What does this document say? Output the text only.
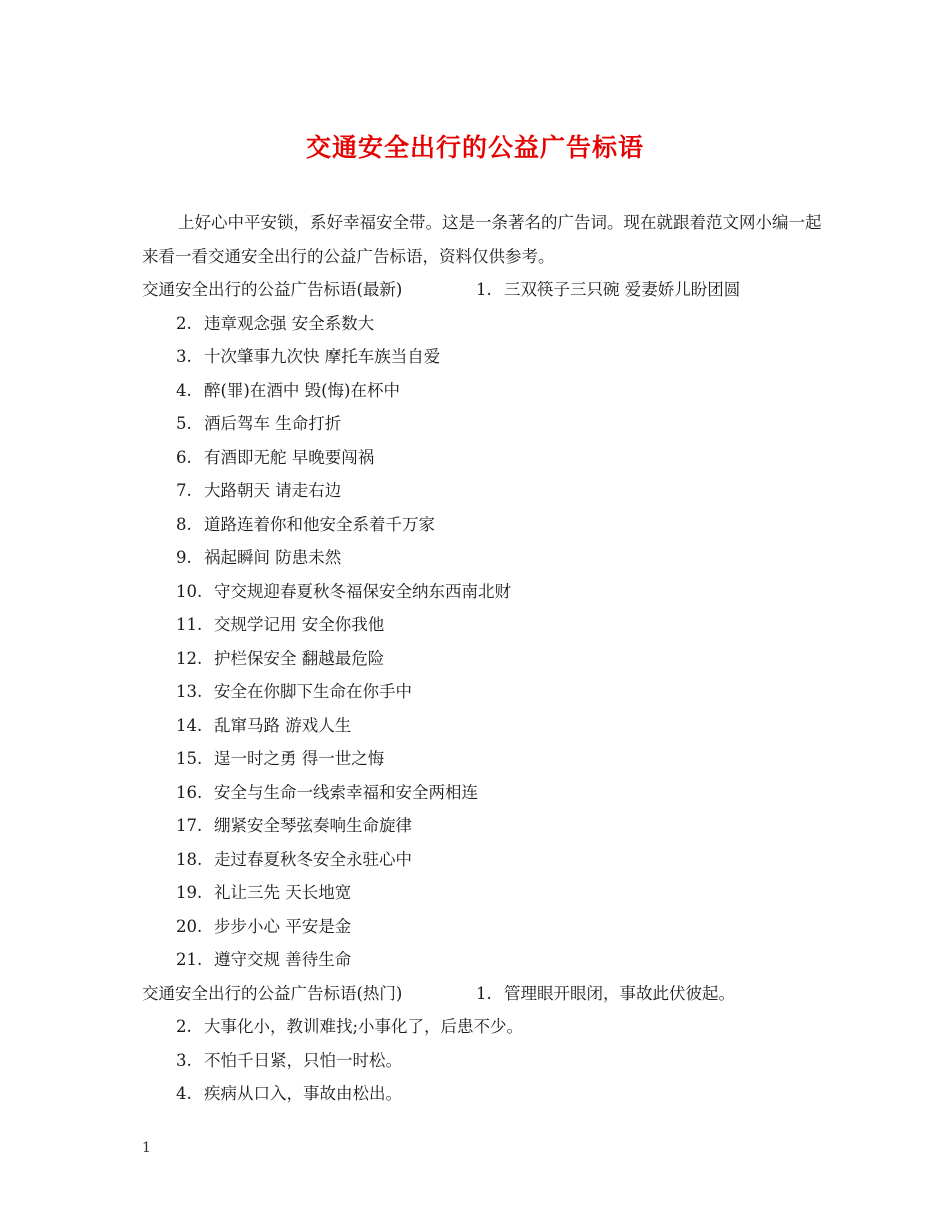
交通安全出行的公益广告标语

上好心中平安锁，系好幸福安全带。这是一条著名的广告词。现在就跟着范文网小编一起来看一看交通安全出行的公益广告标语，资料仅供参考。

交通安全出行的公益广告标语(最新)	1. 三双筷子三只碗 爱妻娇儿盼团圆

2. 违章观念强 安全系数大

3. 十次肇事九次快 摩托车族当自爱

4. 醉(罪)在酒中 毁(悔)在杯中

5. 酒后驾车 生命打折

6. 有酒即无舵 早晚要闯祸

7. 大路朝天 请走右边

8. 道路连着你和他安全系着千万家

9. 祸起瞬间 防患未然

10. 守交规迎春夏秋冬福保安全纳东西南北财

11. 交规学记用 安全你我他

12. 护栏保安全 翻越最危险

13. 安全在你脚下生命在你手中

14. 乱窜马路 游戏人生

15. 逞一时之勇 得一世之悔

16. 安全与生命一线索幸福和安全两相连

17. 绷紧安全琴弦奏响生命旋律

18. 走过春夏秋冬安全永驻心中

19. 礼让三先 天长地宽

20. 步步小心 平安是金

21. 遵守交规 善待生命

交通安全出行的公益广告标语(热门)	1. 管理眼开眼闭，事故此伏彼起。

2. 大事化小，教训难找;小事化了，后患不少。

3. 不怕千日紧，只怕一时松。

4. 疾病从口入，事故由松出。

1
